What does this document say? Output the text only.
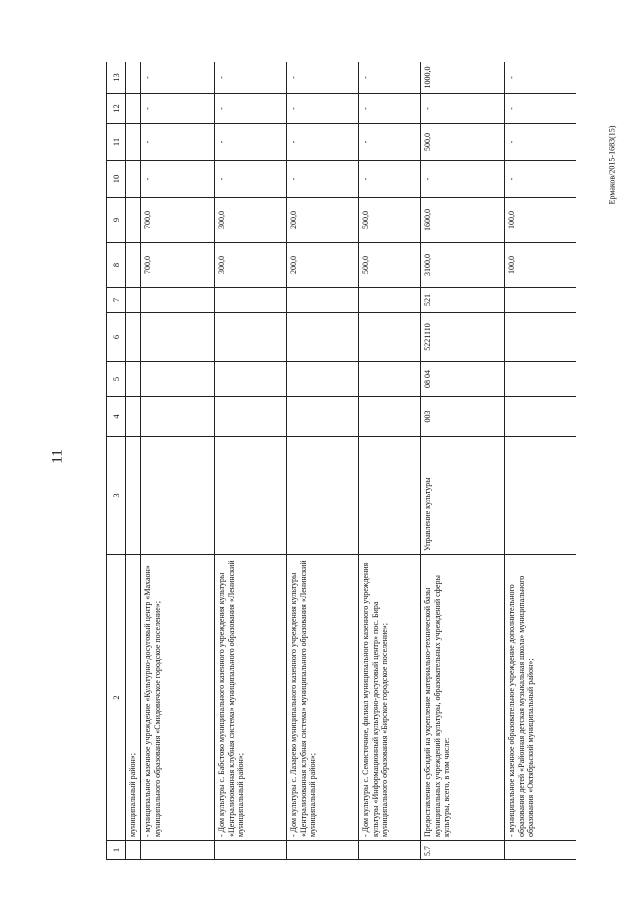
11
Ермаков/2015-1683(15)
1	2	3	4	5	6	7	8	9	10	11	12	13
	муниципальный район»;											
	- муниципальное казенное учреждение «Культурно-досуговый центр «Махаон» муниципального образования «Смидовичское городское поселение»;						700,0	700,0	-	-	-	-
	- Дом культуры с. Бабстово муниципального казенного учреждения культуры «Централизованная клубная система» муниципального образования «Ленинский муниципальный район»;						300,0	300,0	-	-	-	-
	- Дом культуры с. Лазарево муниципального казенного учреждения культуры «Централизованная клубная система» муниципального образования «Ленинский муниципальный район»;						200,0	200,0	-	-	-	-
	- Дом культуры с. Семисточное, филиал муниципального казенного учреждения культуры «Информационный культурно-досуговый центр» пос. Бира муниципального образования «Бирское городское поселение»;						500,0	500,0	-	-	-	-
5.7	Предоставление субсидий на укрепление материально-технической базы муниципальных учреждений культуры, образовательных учреждений сферы культуры, всего, в том числе:	Управление культуры	003	08 04	5221110	521	3100,0	1600,0	-	500,0	-	1000,0
	- муниципальное казенное образовательное учреждение дополнительного образования детей «Районная детская музыкальная школа» муниципального образования «Октябрьский муниципальный район»;						100,0	100,0	-	-	-	-
